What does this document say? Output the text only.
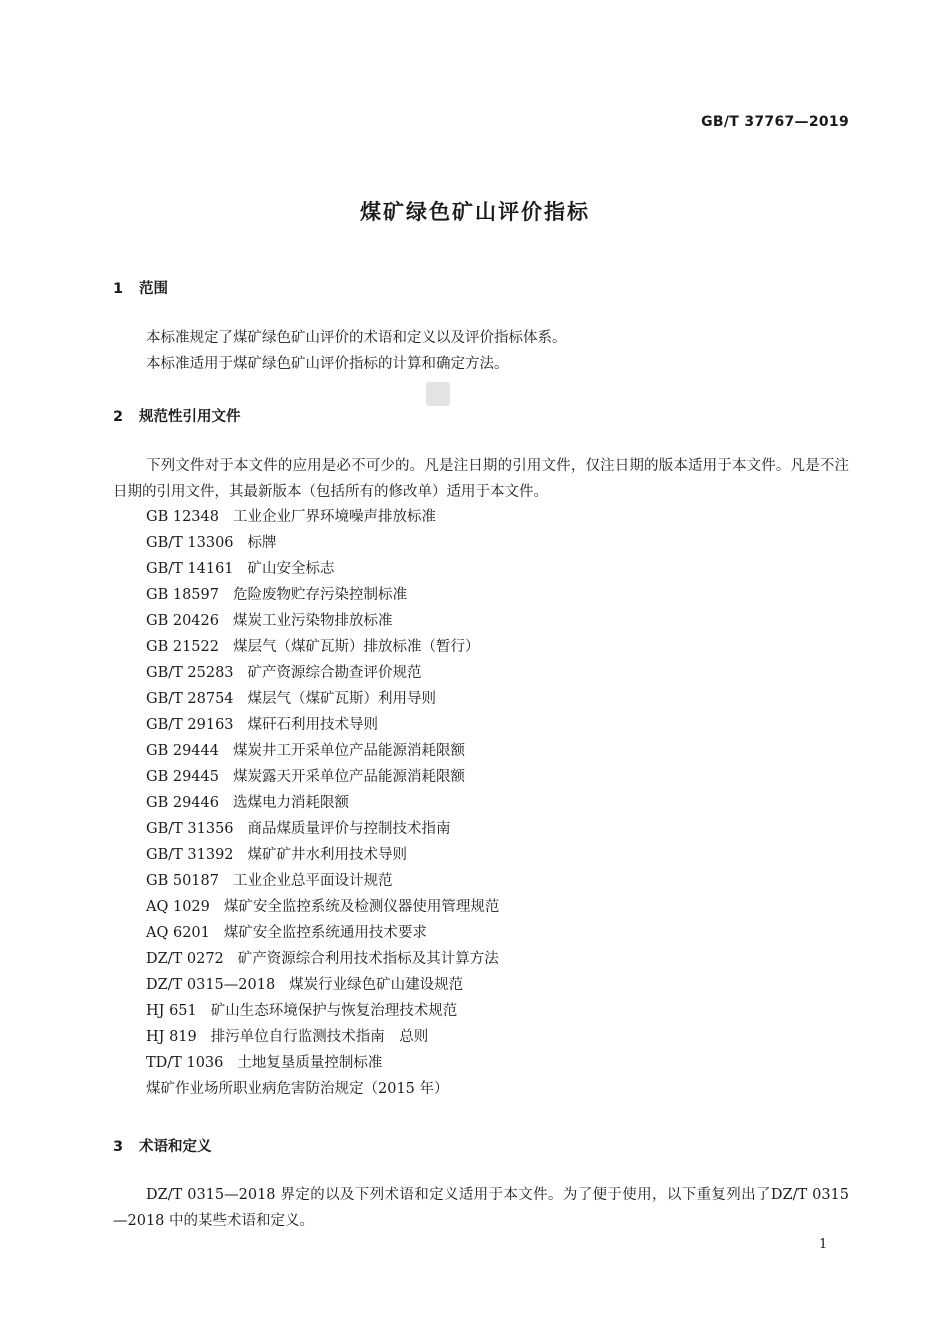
GB/T 37767—2019
煤矿绿色矿山评价指标
1 范围
本标准规定了煤矿绿色矿山评价的术语和定义以及评价指标体系。
本标准适用于煤矿绿色矿山评价指标的计算和确定方法。
2 规范性引用文件

下列文件对于本文件的应用是必不可少的。凡是注日期的引用文件，仅注日期的版本适用于本文件。凡是不注日期的引用文件，其最新版本（包括所有的修改单）适用于本文件。

GB 12348 工业企业厂界环境噪声排放标准
GB/T 13306 标牌
GB/T 14161 矿山安全标志
GB 18597 危险废物贮存污染控制标准
GB 20426 煤炭工业污染物排放标准
GB 21522 煤层气（煤矿瓦斯）排放标准（暂行）
GB/T 25283 矿产资源综合勘查评价规范
GB/T 28754 煤层气（煤矿瓦斯）利用导则
GB/T 29163 煤矸石利用技术导则
GB 29444 煤炭井工开采单位产品能源消耗限额
GB 29445 煤炭露天开采单位产品能源消耗限额
GB 29446 选煤电力消耗限额
GB/T 31356 商品煤质量评价与控制技术指南
GB/T 31392 煤矿矿井水利用技术导则
GB 50187 工业企业总平面设计规范
AQ 1029 煤矿安全监控系统及检测仪器使用管理规范
AQ 6201 煤矿安全监控系统通用技术要求
DZ/T 0272 矿产资源综合利用技术指标及其计算方法
DZ/T 0315—2018 煤炭行业绿色矿山建设规范
HJ 651 矿山生态环境保护与恢复治理技术规范
HJ 819 排污单位自行监测技术指南　总则
TD/T 1036 土地复垦质量控制标准
煤矿作业场所职业病危害防治规定（2015 年）
3 术语和定义

DZ/T 0315—2018 界定的以及下列术语和定义适用于本文件。为了便于使用，以下重复列出了DZ/T 0315—2018 中的某些术语和定义。

1
